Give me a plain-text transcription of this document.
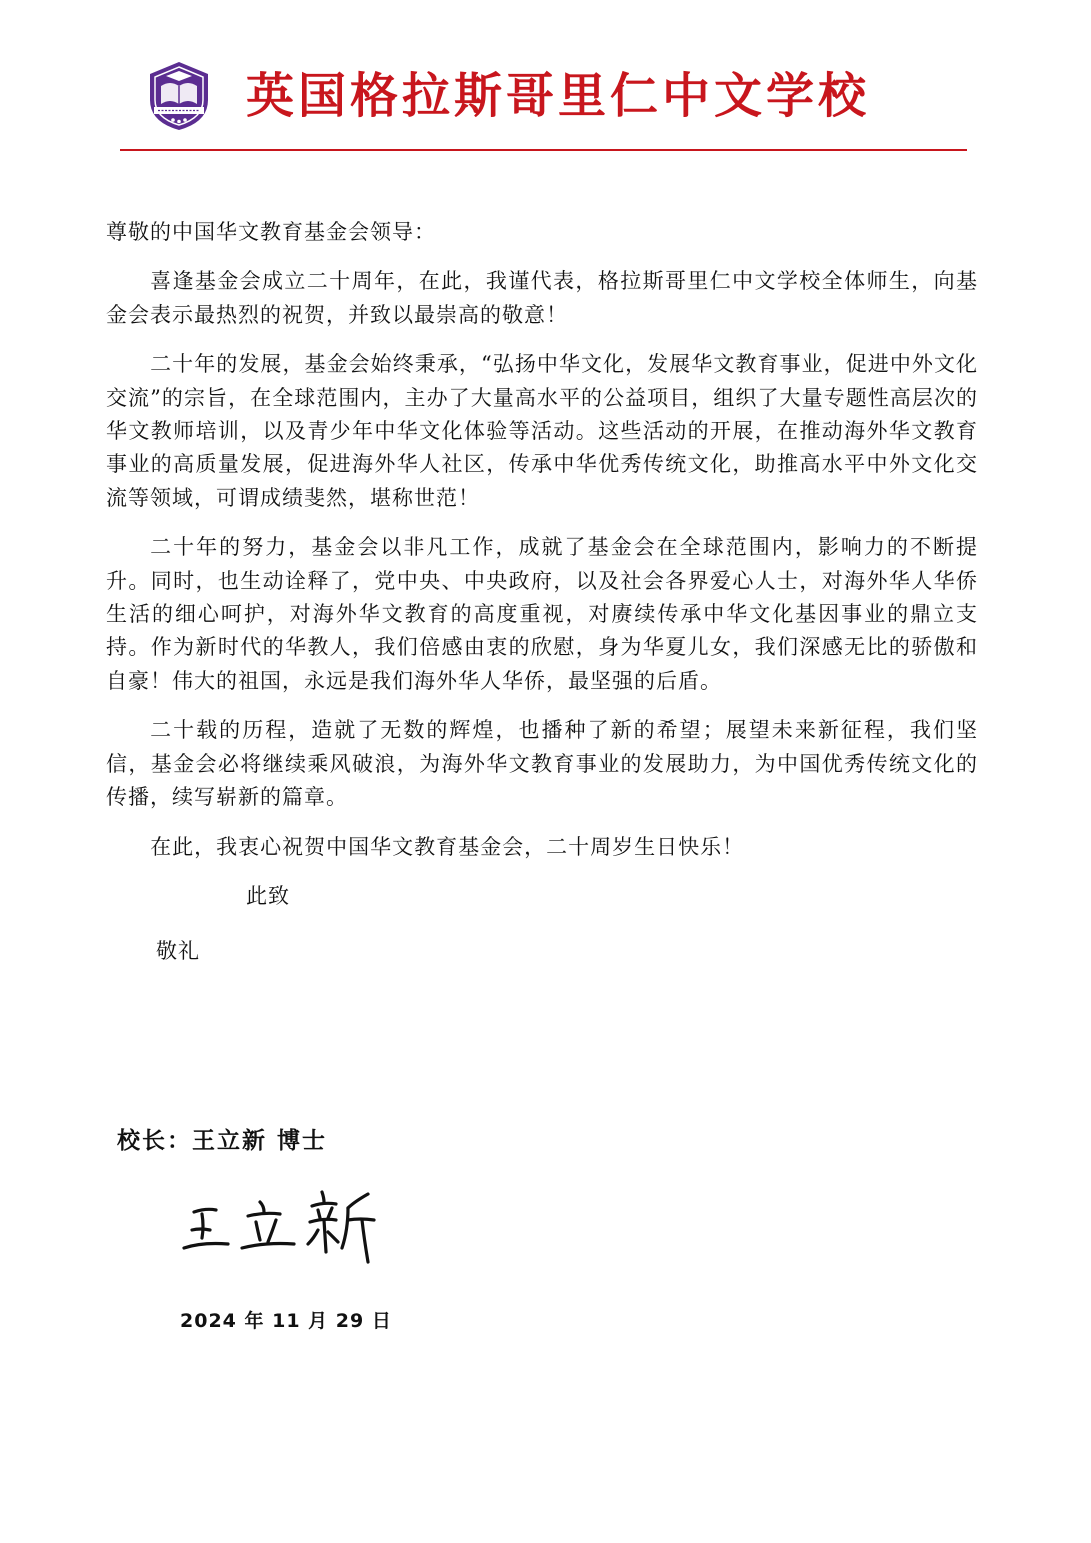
英国格拉斯哥里仁中文学校

尊敬的中国华文教育基金会领导：

喜逢基金会成立二十周年，在此，我谨代表，格拉斯哥里仁中文学校全体师生，向基金会表示最热烈的祝贺，并致以最崇高的敬意！

二十年的发展，基金会始终秉承，“弘扬中华文化，发展华文教育事业，促进中外文化交流”的宗旨，在全球范围内，主办了大量高水平的公益项目，组织了大量专题性高层次的华文教师培训，以及青少年中华文化体验等活动。这些活动的开展，在推动海外华文教育事业的高质量发展，促进海外华人社区，传承中华优秀传统文化，助推高水平中外文化交流等领域，可谓成绩斐然，堪称世范！

二十年的努力，基金会以非凡工作，成就了基金会在全球范围内，影响力的不断提升。同时，也生动诠释了，党中央、中央政府，以及社会各界爱心人士，对海外华人华侨生活的细心呵护，对海外华文教育的高度重视，对赓续传承中华文化基因事业的鼎立支持。作为新时代的华教人，我们倍感由衷的欣慰，身为华夏儿女，我们深感无比的骄傲和自豪！伟大的祖国，永远是我们海外华人华侨，最坚强的后盾。

二十载的历程，造就了无数的辉煌，也播种了新的希望；展望未来新征程，我们坚信，基金会必将继续乘风破浪，为海外华文教育事业的发展助力，为中国优秀传统文化的传播，续写崭新的篇章。

在此，我衷心祝贺中国华文教育基金会，二十周岁生日快乐！

此致
敬礼
校长：王立新 博士
2024 年 11 月 29 日
